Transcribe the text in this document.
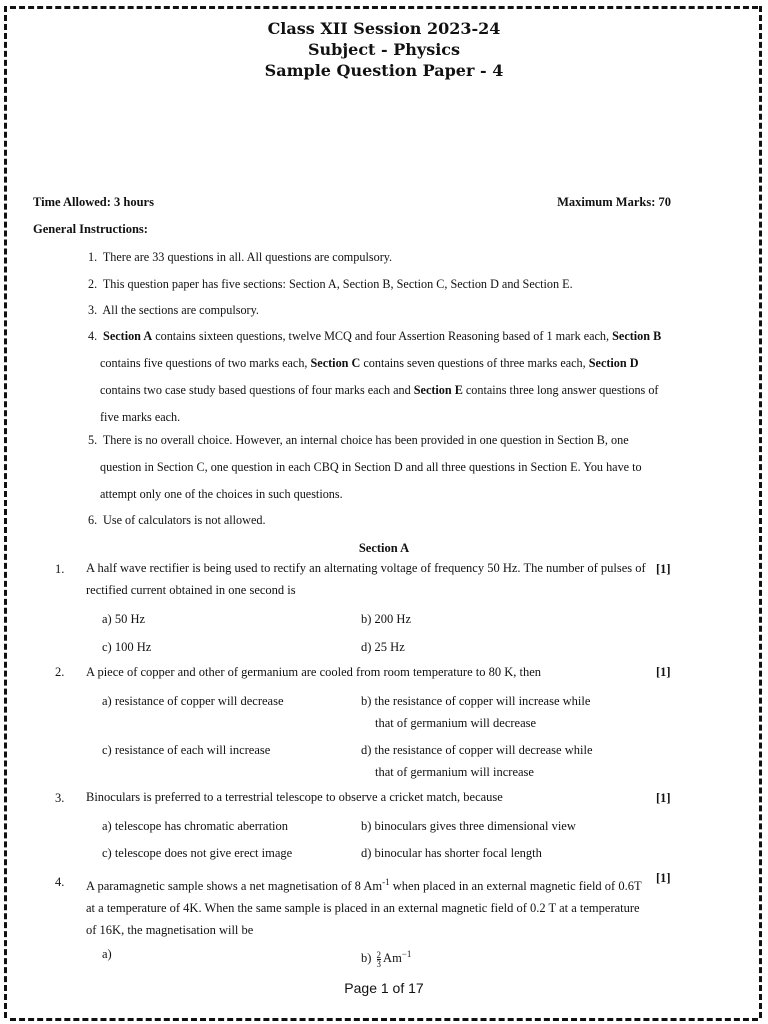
Class XII Session 2023-24
Subject - Physics
Sample Question Paper - 4
Time Allowed: 3 hours	Maximum Marks: 70
General Instructions:
1. There are 33 questions in all. All questions are compulsory.
2. This question paper has five sections: Section A, Section B, Section C, Section D and Section E.
3. All the sections are compulsory.
4. Section A contains sixteen questions, twelve MCQ and four Assertion Reasoning based of 1 mark each, Section B
contains five questions of two marks each, Section C contains seven questions of three marks each, Section D
contains two case study based questions of four marks each and Section E contains three long answer questions of
five marks each.
5. There is no overall choice. However, an internal choice has been provided in one question in Section B, one
question in Section C, one question in each CBQ in Section D and all three questions in Section E. You have to
attempt only one of the choices in such questions.
6. Use of calculators is not allowed.
Section A
1. A half wave rectifier is being used to rectify an alternating voltage of frequency 50 Hz. The number of pulses of rectified current obtained in one second is
[1]
a) 50 Hz	b) 200 Hz
c) 100 Hz	d) 25 Hz
2. A piece of copper and other of germanium are cooled from room temperature to 80 K, then	[1]
a) resistance of copper will decrease	b) the resistance of copper will increase while
that of germanium will decrease
c) resistance of each will increase	d) the resistance of copper will decrease while
that of germanium will increase
3. Binoculars is preferred to a terrestrial telescope to observe a cricket match, because	[1]
a) telescope has chromatic aberration	b) binoculars gives three dimensional view
c) telescope does not give erect image	d) binocular has shorter focal length
4. A paramagnetic sample shows a net magnetisation of 8 $Am^{-1}$ when placed in an external magnetic field of 0.6T at a temperature of 4K. When the same sample is placed in an external magnetic field of 0.2 T at a temperature of 16K, the magnetisation will be
[1]
a)	$b) \frac{2}{3} Am^{-1}$
Page 1 of 17
